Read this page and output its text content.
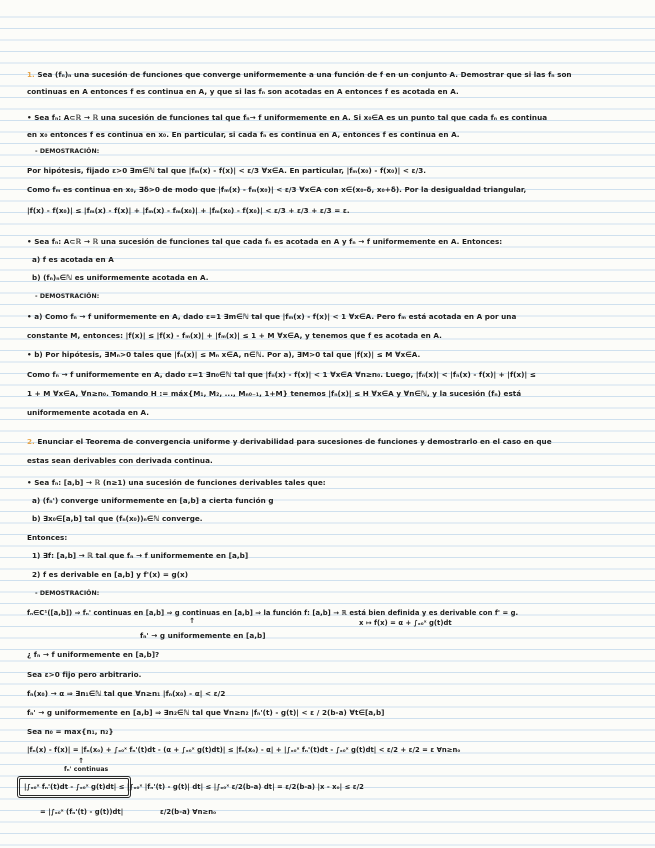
1. Sea (fₙ)ₙ una sucesión de funciones que converge uniformemente a una función de f en un conjunto A. Demostrar que si las fₙ son
continuas en A entonces f es continua en A, y que si las fₙ son acotadas en A entonces f es acotada en A.
• Sea fₙ: A⊂ℝ → ℝ una sucesión de funciones tal que fₙ→ f uniformemente en A. Si x₀∈A es un punto tal que cada fₙ es continua
en x₀ entonces f es continua en x₀. En particular, si cada fₙ es continua en A, entonces f es continua en A.
- DEMOSTRACIÓN:
Por hipótesis, fijado ε>0 ∃m∈ℕ tal que |fₘ(x) - f(x)| < ε/3 ∀x∈A. En particular, |fₘ(x₀) - f(x₀)| < ε/3.
Como fₘ es continua en x₀, ∃δ>0 de modo que |fₘ(x) - fₘ(x₀)| < ε/3 ∀x∈A con x∈(x₀-δ, x₀+δ). Por la desigualdad triangular,
|f(x) - f(x₀)| ≤ |fₘ(x) - f(x)| + |fₘ(x) - fₘ(x₀)| + |fₘ(x₀) - f(x₀)| < ε/3 + ε/3 + ε/3 = ε.
• Sea fₙ: A⊂ℝ → ℝ una sucesión de funciones tal que cada fₙ es acotada en A y fₙ → f uniformemente en A. Entonces:
a) f es acotada en A
b) (fₙ)ₙ∈ℕ es uniformemente acotada en A.
- DEMOSTRACIÓN:
• a) Como fₙ → f uniformemente en A, dado ε=1 ∃m∈ℕ tal que |fₘ(x) - f(x)| < 1 ∀x∈A. Pero fₘ está acotada en A por una
constante M, entonces: |f(x)| ≤ |f(x) - fₘ(x)| + |fₘ(x)| ≤ 1 + M ∀x∈A, y tenemos que f es acotada en A.
• b) Por hipótesis, ∃Mₙ>0 tales que |fₙ(x)| ≤ Mₙ x∈A, n∈ℕ. Por a), ∃M>0 tal que |f(x)| ≤ M ∀x∈A.
Como fₙ → f uniformemente en A, dado ε=1 ∃n₀∈ℕ tal que |fₙ(x) - f(x)| < 1 ∀x∈A ∀n≥n₀. Luego, |fₙ(x)| < |fₙ(x) - f(x)| + |f(x)| ≤
1 + M ∀x∈A, ∀n≥n₀. Tomando H := máx{M₁, M₂, ..., Mₙ₀₋₁, 1+M} tenemos |fₙ(x)| ≤ H ∀x∈A y ∀n∈ℕ, y la sucesión (fₙ) está
uniformemente acotada en A.
2. Enunciar el Teorema de convergencia uniforme y derivabilidad para sucesiones de funciones y demostrarlo en el caso en que
estas sean derivables con derivada continua.
• Sea fₙ: [a,b] → ℝ (n≥1) una sucesión de funciones derivables tales que:
a) (fₙ') converge uniformemente en [a,b] a cierta función g
b) ∃x₀∈[a,b] tal que (fₙ(x₀))ₙ∈ℕ converge.
Entonces:
1) ∃f: [a,b] → ℝ tal que fₙ → f uniformemente en [a,b]
2) f es derivable en [a,b] y f'(x) = g(x)
- DEMOSTRACIÓN:
fₙ∈C¹([a,b]) ⇒ fₙ' continuas en [a,b] ⇒ g continuas en [a,b] ⇒ la función f: [a,b] → ℝ está bien definida y es derivable con f' = g.
↑	x ↦ f(x) = α + ∫ₓ₀ˣ g(t)dt
fₙ' → g uniformemente en [a,b]
¿ fₙ → f uniformemente en [a,b]?
Sea ε>0 fijo pero arbitrario.
fₙ(x₀) → α ⇒ ∃n₁∈ℕ tal que ∀n≥n₁ |fₙ(x₀) - α| < ε/2
fₙ' → g uniformemente en [a,b] ⇒ ∃n₂∈ℕ tal que ∀n≥n₂ |fₙ'(t) - g(t)| < ε / 2(b-a) ∀t∈[a,b]
Sea n₀ = max{n₁, n₂}
|fₙ(x) - f(x)| = |fₙ(x₀) + ∫ₓ₀ˣ fₙ'(t)dt - (α + ∫ₓ₀ˣ g(t)dt)| ≤ |fₙ(x₀) - α| + |∫ₓ₀ˣ fₙ'(t)dt - ∫ₓ₀ˣ g(t)dt| < ε/2 + ε/2 = ε ∀n≥n₀
↑
fₙ' continuas
|∫ₓ₀ˣ fₙ'(t)dt - ∫ₓ₀ˣ g(t)dt| ≤ |∫ₓ₀ˣ |fₙ'(t) - g(t)| dt| ≤ |∫ₓ₀ˣ ε/2(b-a) dt| = ε/2(b-a) |x - x₀| ≤ ε/2
= |∫ₓ₀ˣ (fₙ'(t) - g(t))dt|	ε/2(b-a) ∀n≥n₀
